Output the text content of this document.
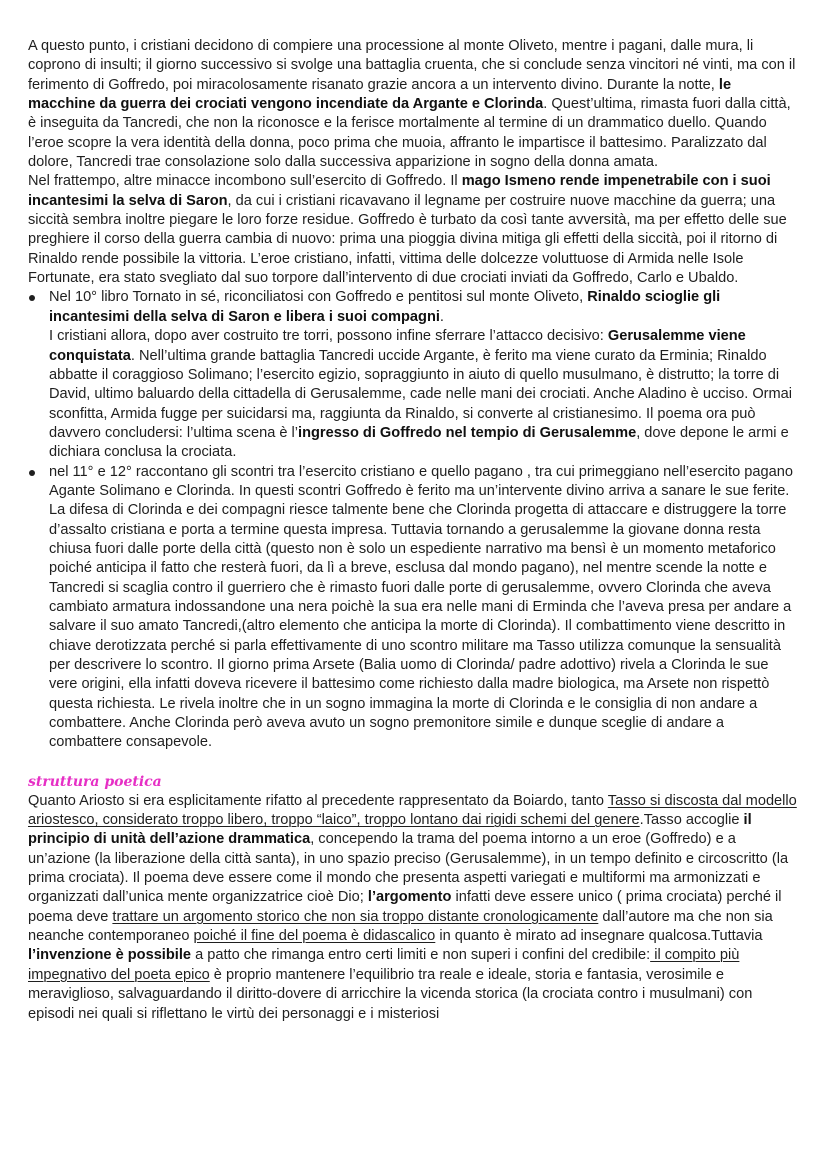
A questo punto, i cristiani decidono di compiere una processione al monte Oliveto, mentre i pagani, dalle mura, li coprono di insulti; il giorno successivo si svolge una battaglia cruenta, che si conclude senza vincitori né vinti, ma con il ferimento di Goffredo, poi miracolosamente risanato grazie ancora a un intervento divino. Durante la notte, le macchine da guerra dei crociati vengono incendiate da Argante e Clorinda. Quest’ultima, rimasta fuori dalla città, è inseguita da Tancredi, che non la riconosce e la ferisce mortalmente al termine di un drammatico duello. Quando l’eroe scopre la vera identità della donna, poco prima che muoia, affranto le impartisce il battesimo. Paralizzato dal dolore, Tancredi trae consolazione solo dalla successiva apparizione in sogno della donna amata.

Nel frattempo, altre minacce incombono sull’esercito di Goffredo. Il mago Ismeno rende impenetrabile con i suoi incantesimi la selva di Saron, da cui i cristiani ricavavano il legname per costruire nuove macchine da guerra; una siccità sembra inoltre piegare le loro forze residue. Goffredo è turbato da così tante avversità, ma per effetto delle sue preghiere il corso della guerra cambia di nuovo: prima una pioggia divina mitiga gli effetti della siccità, poi il ritorno di Rinaldo rende possibile la vittoria. L’eroe cristiano, infatti, vittima delle dolcezze voluttuose di Armida nelle Isole Fortunate, era stato svegliato dal suo torpore dall’intervento di due crociati inviati da Goffredo, Carlo e Ubaldo.

Nel 10° libro Tornato in sé, riconciliatosi con Goffredo e pentitosi sul monte Oliveto, Rinaldo scioglie gli incantesimi della selva di Saron e libera i suoi compagni.

I cristiani allora, dopo aver costruito tre torri, possono infine sferrare l’attacco decisivo: Gerusalemme viene conquistata. Nell’ultima grande battaglia Tancredi uccide Argante, è ferito ma viene curato da Erminia; Rinaldo abbatte il coraggioso Solimano; l’esercito egizio, sopraggiunto in aiuto di quello musulmano, è distrutto; la torre di David, ultimo baluardo della cittadella di Gerusalemme, cade nelle mani dei crociati. Anche Aladino è ucciso. Ormai sconfitta, Armida fugge per suicidarsi ma, raggiunta da Rinaldo, si converte al cristianesimo. Il poema ora può davvero concludersi: l’ultima scena è l’ingresso di Goffredo nel tempio di Gerusalemme, dove depone le armi e dichiara conclusa la crociata.

nel 11° e 12° raccontano gli scontri tra l’esercito cristiano e quello pagano , tra cui primeggiano nell’esercito pagano Agante Solimano e Clorinda. In questi scontri Goffredo è ferito ma un’intervente divino arriva a sanare le sue ferite. La difesa di Clorinda e dei compagni riesce talmente bene che Clorinda progetta di attaccare e distruggere la torre d’assalto cristiana e porta a termine questa impresa. Tuttavia tornando a gerusalemme la giovane donna resta chiusa fuori dalle porte della città (questo non è solo un espediente narrativo ma bensì è un momento metaforico poiché anticipa il fatto che resterà fuori, da lì a breve, esclusa dal mondo pagano), nel mentre scende la notte e Tancredi si scaglia contro il guerriero che è rimasto fuori dalle porte di gerusalemme, ovvero Clorinda che aveva cambiato armatura indossandone una nera poichè la sua era nelle mani di Erminda che l’aveva presa per andare a salvare il suo amato Tancredi,(altro elemento che anticipa la morte di Clorinda). Il combattimento viene descritto in chiave derotizzata perché si parla effettivamente di uno scontro militare ma Tasso utilizza comunque la sensualità per descrivere lo scontro. Il giorno prima Arsete (Balia uomo di Clorinda/ padre adottivo) rivela a Clorinda le sue vere origini, ella infatti doveva ricevere il battesimo come richiesto dalla madre biologica, ma Arsete non rispettò questa richiesta. Le rivela inoltre che in un sogno immagina la morte di Clorinda e le consiglia di non andare a combattere. Anche Clorinda però aveva avuto un sogno premonitore simile e dunque sceglie di andare a combattere consapevole.

struttura poetica

Quanto Ariosto si era esplicitamente rifatto al precedente rappresentato da Boiardo, tanto Tasso si discosta dal modello ariostesco, considerato troppo libero, troppo “laico”, troppo lontano dai rigidi schemi del genere.Tasso accoglie il principio di unità dell’azione drammatica, concependo la trama del poema intorno a un eroe (Goffredo) e a un’azione (la liberazione della città santa), in uno spazio preciso (Gerusalemme), in un tempo definito e circoscritto (la prima crociata). Il poema deve essere come il mondo che presenta aspetti variegati e multiformi ma armonizzati e organizzati dall’unica mente organizzatrice cioè Dio; l’argomento infatti deve essere unico ( prima crociata) perché il poema deve trattare un argomento storico che non sia troppo distante cronologicamente dall’autore ma che non sia neanche contemporaneo poiché il fine del poema è didascalico in quanto è mirato ad insegnare qualcosa.Tuttavia l’invenzione è possibile a patto che rimanga entro certi limiti e non superi i confini del credibile: il compito più impegnativo del poeta epico è proprio mantenere l’equilibrio tra reale e ideale, storia e fantasia, verosimile e meraviglioso, salvaguardando il diritto-dovere di arricchire la vicenda storica (la crociata contro i musulmani) con episodi nei quali si riflettano le virtù dei personaggi e i misteriosi
